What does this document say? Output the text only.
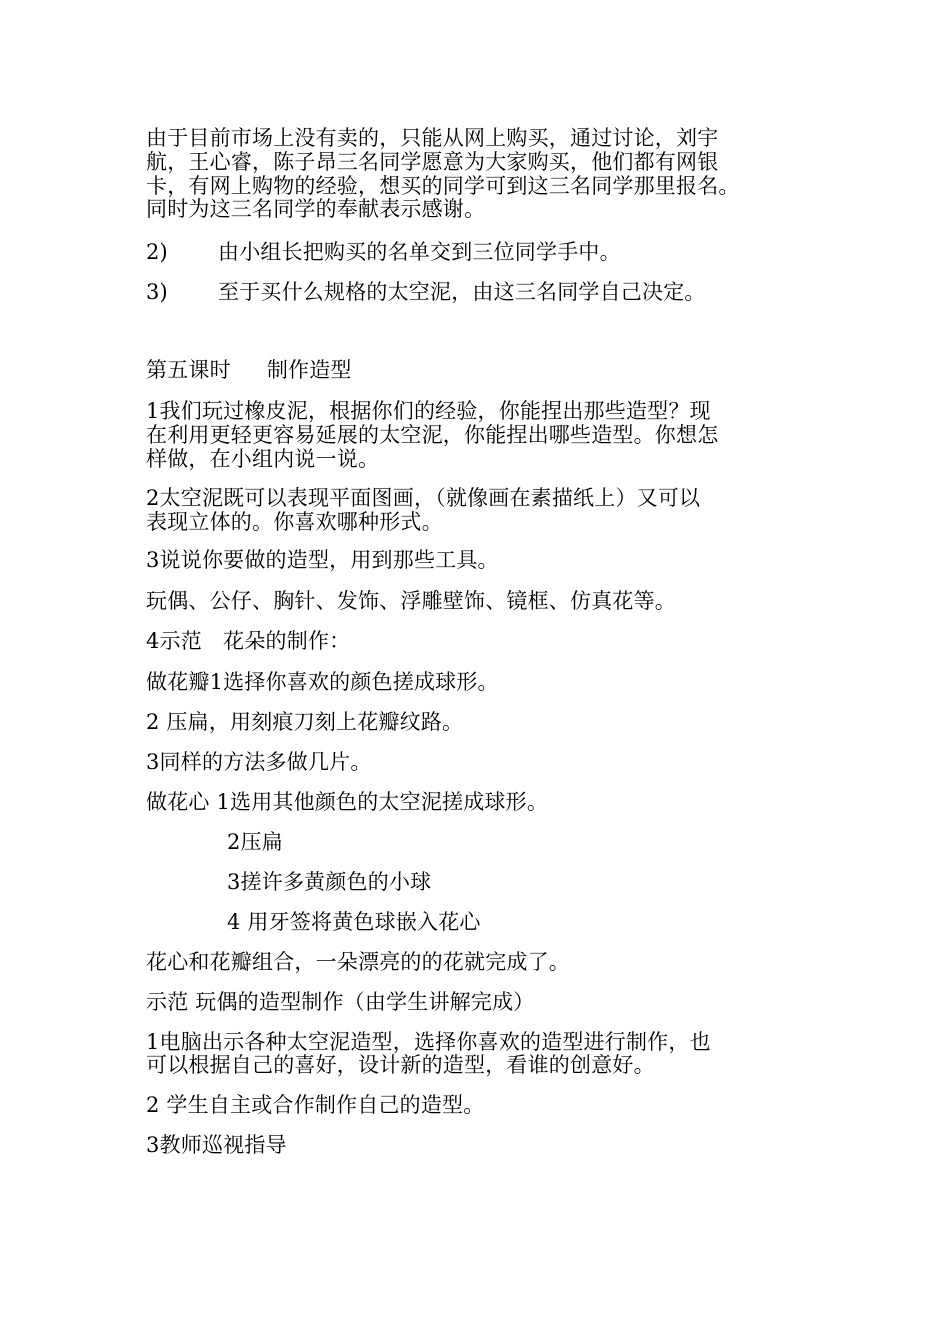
由于目前市场上没有卖的，只能从网上购买，通过讨论，刘宇
航，王心睿，陈子昂三名同学愿意为大家购买，他们都有网银
卡，有网上购物的经验，想买的同学可到这三名同学那里报名。
同时为这三名同学的奉献表示感谢。
2) 由小组长把购买的名单交到三位同学手中。
3) 至于买什么规格的太空泥，由这三名同学自己决定。
第五课时 制作造型
1我们玩过橡皮泥，根据你们的经验，你能捏出那些造型？现
在利用更轻更容易延展的太空泥，你能捏出哪些造型。你想怎
样做，在小组内说一说。
2太空泥既可以表现平面图画，（就像画在素描纸上）又可以
表现立体的。你喜欢哪种形式。
3说说你要做的造型，用到那些工具。
玩偶、公仔、胸针、发饰、浮雕壁饰、镜框、仿真花等。
4示范　花朵的制作：
做花瓣1选择你喜欢的颜色搓成球形。
2 压扁，用刻痕刀刻上花瓣纹路。
3同样的方法多做几片。
做花心 1选用其他颜色的太空泥搓成球形。
2压扁
3搓许多黄颜色的小球
4 用牙签将黄色球嵌入花心
花心和花瓣组合，一朵漂亮的的花就完成了。
示范 玩偶的造型制作（由学生讲解完成）
1电脑出示各种太空泥造型，选择你喜欢的造型进行制作，也
可以根据自己的喜好，设计新的造型，看谁的创意好。
2 学生自主或合作制作自己的造型。
3教师巡视指导
